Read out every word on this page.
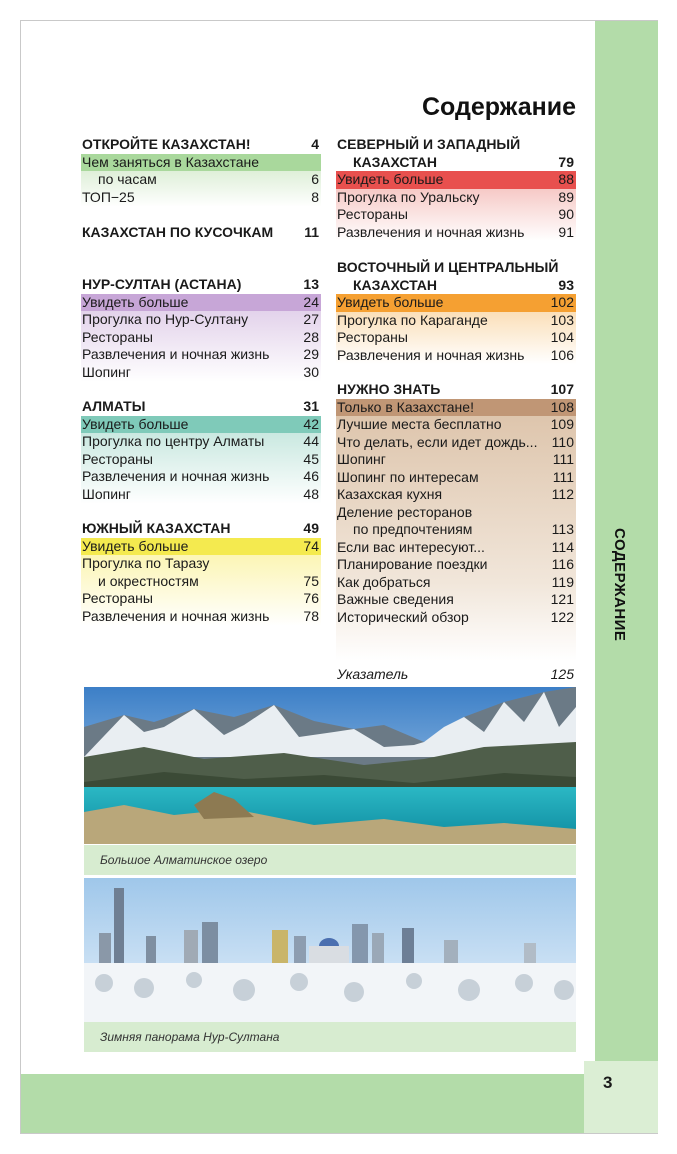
СОДЕРЖАНИЕ
3
Содержание
ОТКРОЙТЕ КАЗАХСТАН!	4
Чем заняться в Казахстане
по часам	6
ТОП−25	8
КАЗАХСТАН ПО КУСОЧКАМ 11
НУР-СУЛТАН (АСТАНА)	13
Увидеть больше	24
Прогулка по Нур-Султану	27
Рестораны	28
Развлечения и ночная жизнь 29
Шопинг	30
АЛМАТЫ	31
Увидеть больше	42
Прогулка по центру Алматы	44
Рестораны	45
Развлечения и ночная жизнь 46
Шопинг	48
ЮЖНЫЙ КАЗАХСТАН	49
Увидеть больше	74
Прогулка по Таразу
и окрестностям	75
Рестораны	76
Развлечения и ночная жизнь 78
СЕВЕРНЫЙ И ЗАПАДНЫЙ
КАЗАХСТАН	79
Увидеть больше	88
Прогулка по Уральску	89
Рестораны	90
Развлечения и ночная жизнь 91
ВОСТОЧНЫЙ И ЦЕНТРАЛЬНЫЙ
КАЗАХСТАН	93
Увидеть больше	102
Прогулка по Караганде	103
Рестораны	104
Развлечения и ночная жизнь 106
НУЖНО ЗНАТЬ	107
Только в Казахстане!	108
Лучшие места бесплатно	109
Что делать, если идет дождь... 110
Шопинг	111
Шопинг по интересам	111
Казахская кухня	112
Деление ресторанов
по предпочтениям	113
Если вас интересуют...	114
Планирование поездки	116
Как добраться	119
Важные сведения	121
Исторический обзор	122
Указатель	125
Большое Алматинское озеро
Зимняя панорама Нур-Султана
